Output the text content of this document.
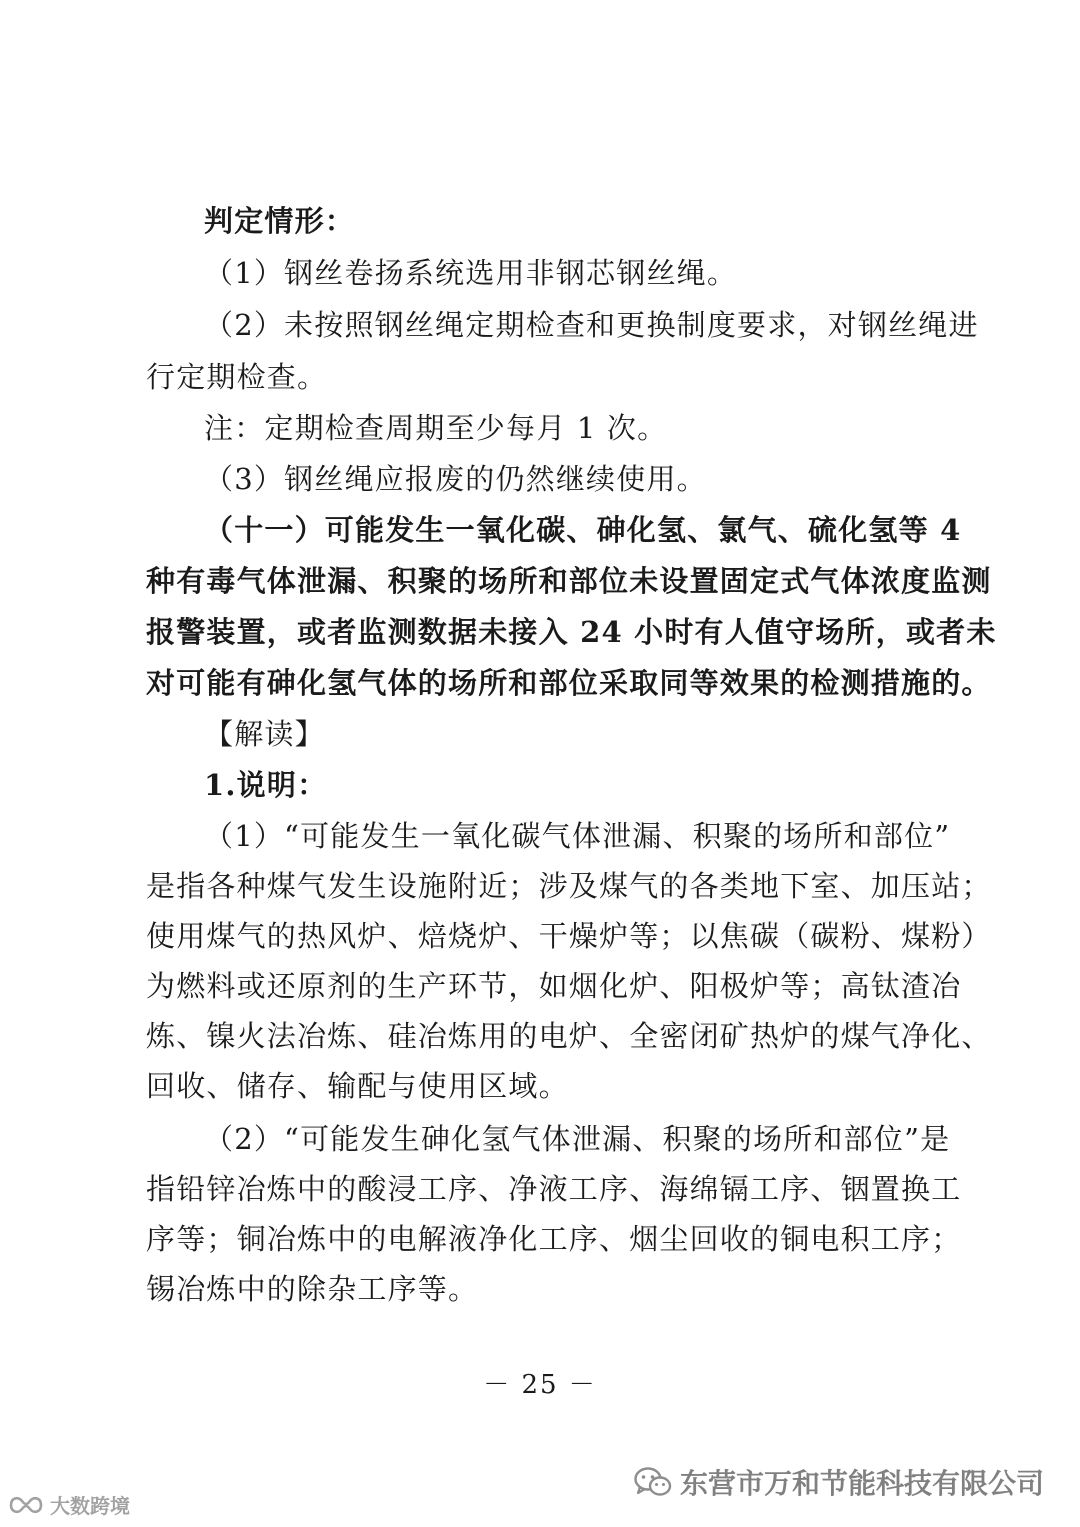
判定情形：
（1）钢丝卷扬系统选用非钢芯钢丝绳。
（2）未按照钢丝绳定期检查和更换制度要求，对钢丝绳进
行定期检查。
注：定期检查周期至少每月 1 次。
（3）钢丝绳应报废的仍然继续使用。
（十一）可能发生一氧化碳、砷化氢、氯气、硫化氢等 4
种有毒气体泄漏、积聚的场所和部位未设置固定式气体浓度监测
报警装置，或者监测数据未接入 24 小时有人值守场所，或者未
对可能有砷化氢气体的场所和部位采取同等效果的检测措施的。
【解读】
1.说明：
（1）“可能发生一氧化碳气体泄漏、积聚的场所和部位”
是指各种煤气发生设施附近；涉及煤气的各类地下室、加压站；
使用煤气的热风炉、焙烧炉、干燥炉等；以焦碳（碳粉、煤粉）
为燃料或还原剂的生产环节，如烟化炉、阳极炉等；高钛渣冶
炼、镍火法冶炼、硅冶炼用的电炉、全密闭矿热炉的煤气净化、
回收、储存、输配与使用区域。
（2）“可能发生砷化氢气体泄漏、积聚的场所和部位”是
指铅锌冶炼中的酸浸工序、净液工序、海绵镉工序、铟置换工
序等；铜冶炼中的电解液净化工序、烟尘回收的铜电积工序；
锡冶炼中的除杂工序等。
－ 25 －
东营市万和节能科技有限公司
大数跨境
